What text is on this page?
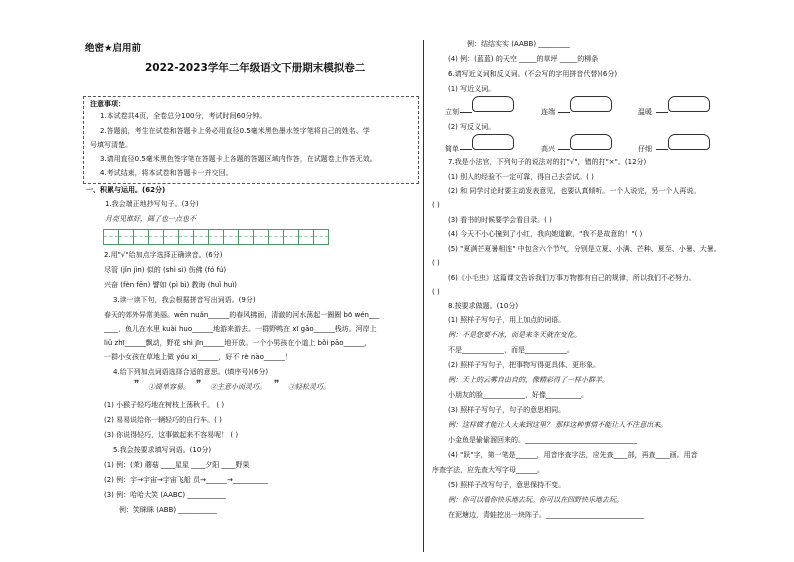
绝密★启用前
2022-2023学年二年级语文下册期末模拟卷二
注意事项：
1.本试卷共4页，全卷总分100分，考试时间60分钟。
2.答题前，考生在试卷和答题卡上务必用直径0.5毫米黑色墨水签字笔将自己的姓名、学
号填写清楚。
3.请用直径0.5毫米黑色签字笔在答题卡上各题的答题区域内作答，在试题卷上作答无效。
4.考试结束，将本试卷和答题卡一并交回。
一、积累与运用。(62分)
1.我会端正地抄写句子。(3分)
月亮见谁好，圆了也一点也不
2.用"√"给加点字选择正确读音。(6分)
尽管 (jǐn jìn) 似的 (shì sì) 伤佛 (fó fú)
兴奋 (fèn fēn) 譬如 (pì bì) 教诲 (huǐ huì)
3.读一读下句，我会根据拼音写出词语。(9分)
春天的郊外异常美丽。wēn nuǎn______的春风拂面，清澈的河水荡起一圈圈 bō wén___
____，鱼儿在水里 kuài huo______地游来游去。一群野鸭在 xī gāo______栈坊。河岸上
liǔ zhī______飘动，野花 shì jīn______地开放。一个小男孩在小道上 bǒi pāo______，
一群小女孩在草地上做 yóu xì______，好不 rè nào______！
4.给下列加点词语选择合适的意思。(填序号)(6分)
❞ ①简单容易。 ❞ ②主意小而灵巧。 ❞ ③轻松灵巧。
(1) 小猴子轻巧地在树枝上荡秋千。 ( )
(2) 易易说给你一辆轻巧的自行车。( )
(3) 你说得轻巧，这事做起来不容易呢！ ( )
5.我会按要求填写词语。(10分)
(1) 例：(茉) 蘑菇 ____星星 ____夕阳 ____野果
(2) 例：宇→宇宙→宇宙飞船 员→______→__________
(3) 例：哈哈大笑 (AABC) ___________
例：笑眯眯 (ABB) ___________
例：结结实实 (AABB) _________
(4) 例：(蓝蓝) 的天空 _____的草坪 _____的柳条
6.请写近义词和反义词。(不会写的字用拼音代替)(6分)
(1) 写近义词。
立刻	连端	温暖
(2) 写反义词。
简单	高兴	仔细
7.我是小法官，下列句子的说法对的打"√"，错的打"×"。(12分)
(1) 别人的经验不一定可靠，得自己去尝试。( )
(2) 和 同学讨论时要主动发表意见，也要认真倾听。一个人说完，另一个人再说。
( )
(3) 看书的时候要学会看目录。( )
(4) 今天不小心撞到了小红，我向她道歉，"我不是故意的！"( )
(5) "夏满芒夏暑相连" 中包含六个节气，分别是立夏、小满、芒种、夏至、小暑、大暑。
( )
(6)《小毛虫》这篇课文告诉我们万事万物都有自己的规律，所以我们不必努力。
( )
8.按要求做题。(10分)
(1) 照样子写句子，用上加点的词语。
例：不是您要不冰，而是来冬天就在变化。
不是____________，而是____________。
(2) 照样子写句子，把事物写得更具体、更形象。
例：天上的云雾自由自的，像精彩得了一样小群羊。
小朋友的脸____________，好像__________。
(3) 照样子写句子，句子的意思相同。
例：这样做才能让人大来到这里？ 那样这种事情不能让人不注意出来。
小金鱼是偷偷溜回来的。________________________________
(4) "跃"字，第一笔是______，用音序查字法，应先查____部，再查____画。用音
序查字法，应先查大写字母______。
(5) 照样子改写句子，意思保持不变。
例：你可以看你快乐地去玩。你可以在四野快乐地去玩。
在泥塘边，青蛙挖出一块阵子。____________________________
